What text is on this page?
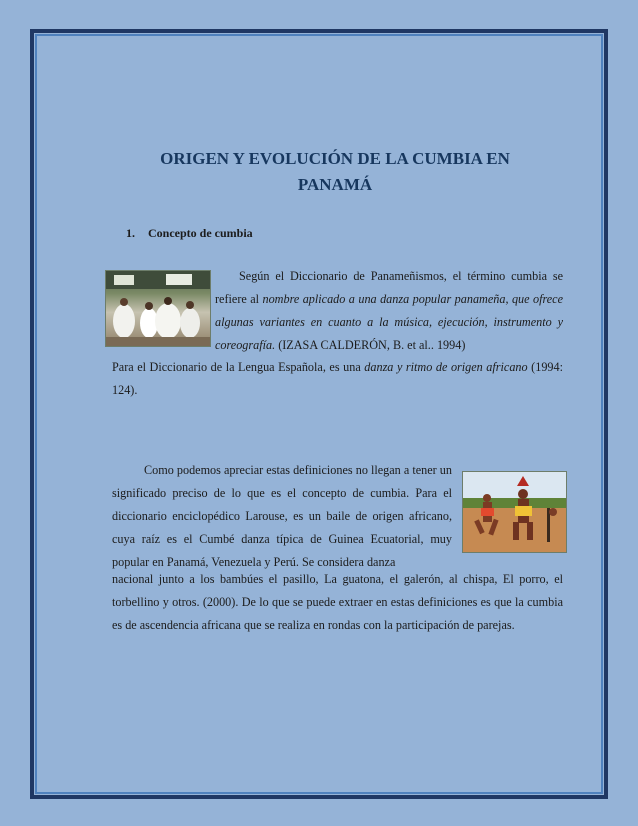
ORIGEN Y EVOLUCIÓN DE LA CUMBIA EN
PANAMÁ
1. Concepto de cumbia

Según el Diccionario de Panameñismos, el término cumbia se refiere al nombre aplicado a una danza popular panameña, que ofrece algunas variantes en cuanto a la música, ejecución, instrumento y coreografía. (IZASA CALDERÓN, B. et al.. 1994)

Para el Diccionario de la Lengua Española, es una danza y ritmo de origen africano (1994: 124).

Como podemos apreciar estas definiciones no llegan a tener un significado preciso de lo que es el concepto de cumbia. Para el diccionario enciclopédico Larouse, es un baile de origen africano, cuya raíz es el Cumbé danza típica de Guinea Ecuatorial, muy popular en Panamá, Venezuela y Perú. Se considera danza

nacional junto a los bambúes el pasillo, La guatona, el galerón, al chispa, El porro, el torbellino y otros. (2000). De lo que se puede extraer en estas definiciones es que la cumbia es de ascendencia africana que se realiza en rondas con la participación de parejas.
